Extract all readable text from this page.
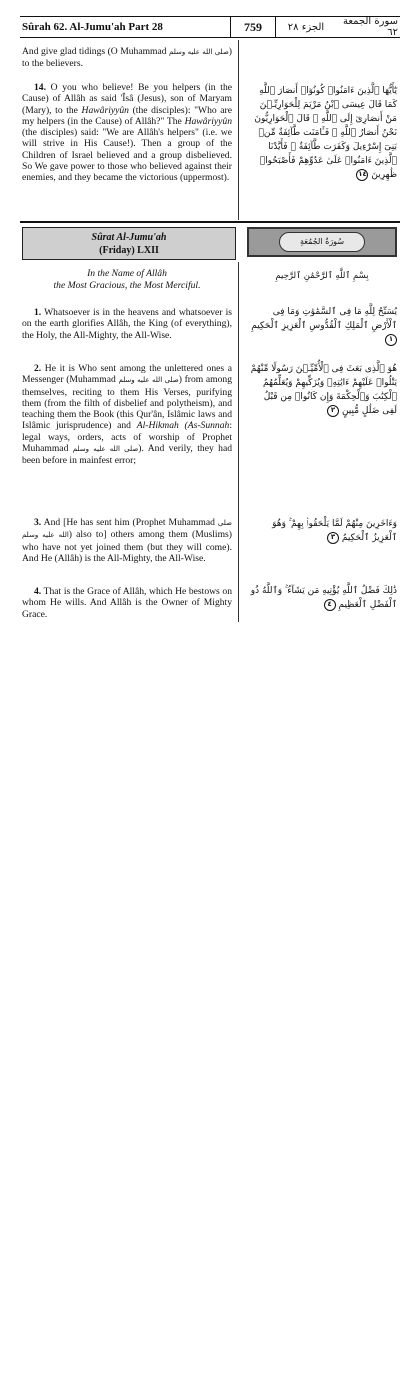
Sûrah 62. Al-Jumu'ah Part 28	759	الجزء ٢٨	سورة الجمعة ٦٢
And give glad tidings (O Muhammad صلى الله عليه وسلم) to the believers.
14. O you who believe! Be you helpers (in the Cause) of Allâh as said 'Îsâ (Jesus), son of Maryam (Mary), to the Hawâriyyûn (the disciples): "Who are my helpers (in the Cause) of Allâh?" The Hawâriyyûn (the disciples) said: "We are Allâh's helpers" (i.e. we will strive in His Cause!). Then a group of the Children of Israel believed and a group disbelieved. So We gave power to those who believed against their enemies, and they became the victorious (uppermost).
يَٰٓأَيُّهَا ٱلَّذِينَ ءَامَنُوا۟ كُونُوٓا۟ أَنصَارَ ٱللَّهِ كَمَا قَالَ عِيسَى ٱبْنُ مَرْيَمَ لِلْحَوَارِيِّـۧنَ مَنْ أَنصَارِىٓ إِلَى ٱللَّهِ ۖ قَالَ ٱلْحَوَارِيُّونَ نَحْنُ أَنصَارُ ٱللَّهِ ۖ فَـَٔامَنَت طَّآئِفَةٌ مِّنۢ بَنِىٓ إِسْرَٰٓءِيلَ وَكَفَرَت طَّآئِفَةٌ ۖ فَأَيَّدْنَا ٱلَّذِينَ ءَامَنُوا۟ عَلَىٰ عَدُوِّهِمْ فَأَصْبَحُوا۟ ظَٰهِرِينَ ١٤
Sûrat Al-Jumu'ah
(Friday) LXII
سُورَةُ الجُمُعَةِ
In the Name of Allâh
the Most Gracious, the Most Merciful.
بِسْمِ ٱللَّهِ ٱلرَّحْمَٰنِ ٱلرَّحِيمِ
1. Whatsoever is in the heavens and whatsoever is on the earth glorifies Allâh, the King (of everything), the Holy, the All-Mighty, the All-Wise.
يُسَبِّحُ لِلَّهِ مَا فِى ٱلسَّمَٰوَٰتِ وَمَا فِى ٱلْأَرْضِ ٱلْمَلِكِ ٱلْقُدُّوسِ ٱلْعَزِيزِ ٱلْحَكِيمِ ١
2. He it is Who sent among the unlettered ones a Messenger (Muhammad صلى الله عليه وسلم) from among themselves, reciting to them His Verses, purifying them (from the filth of disbelief and polytheism), and teaching them the Book (this Qur'ân, Islâmic laws and Islâmic jurisprudence) and Al-Hikmah (As-Sunnah: legal ways, orders, acts of worship of Prophet Muhammad صلى الله عليه وسلم). And verily, they had been before in mainfest error;
هُوَ ٱلَّذِى بَعَثَ فِى ٱلْأُمِّيِّـۧنَ رَسُولًا مِّنْهُمْ يَتْلُوا۟ عَلَيْهِمْ ءَايَٰتِهِۦ وَيُزَكِّيهِمْ وَيُعَلِّمُهُمُ ٱلْكِتَٰبَ وَٱلْحِكْمَةَ وَإِن كَانُوا۟ مِن قَبْلُ لَفِى ضَلَٰلٍ مُّبِينٍ ٢
3. And [He has sent him (Prophet Muhammad صلى الله عليه وسلم) also to] others among them (Muslims) who have not yet joined them (but they will come). And He (Allâh) is the All-Mighty, the All-Wise.
وَءَاخَرِينَ مِنْهُمْ لَمَّا يَلْحَقُوا۟ بِهِمْ ۚ وَهُوَ ٱلْعَزِيزُ ٱلْحَكِيمُ ٣
4. That is the Grace of Allâh, which He bestows on whom He wills. And Allâh is the Owner of Mighty Grace.
ذَٰلِكَ فَضْلُ ٱللَّهِ يُؤْتِيهِ مَن يَشَآءُ ۚ وَٱللَّهُ ذُو ٱلْفَضْلِ ٱلْعَظِيمِ ٤
